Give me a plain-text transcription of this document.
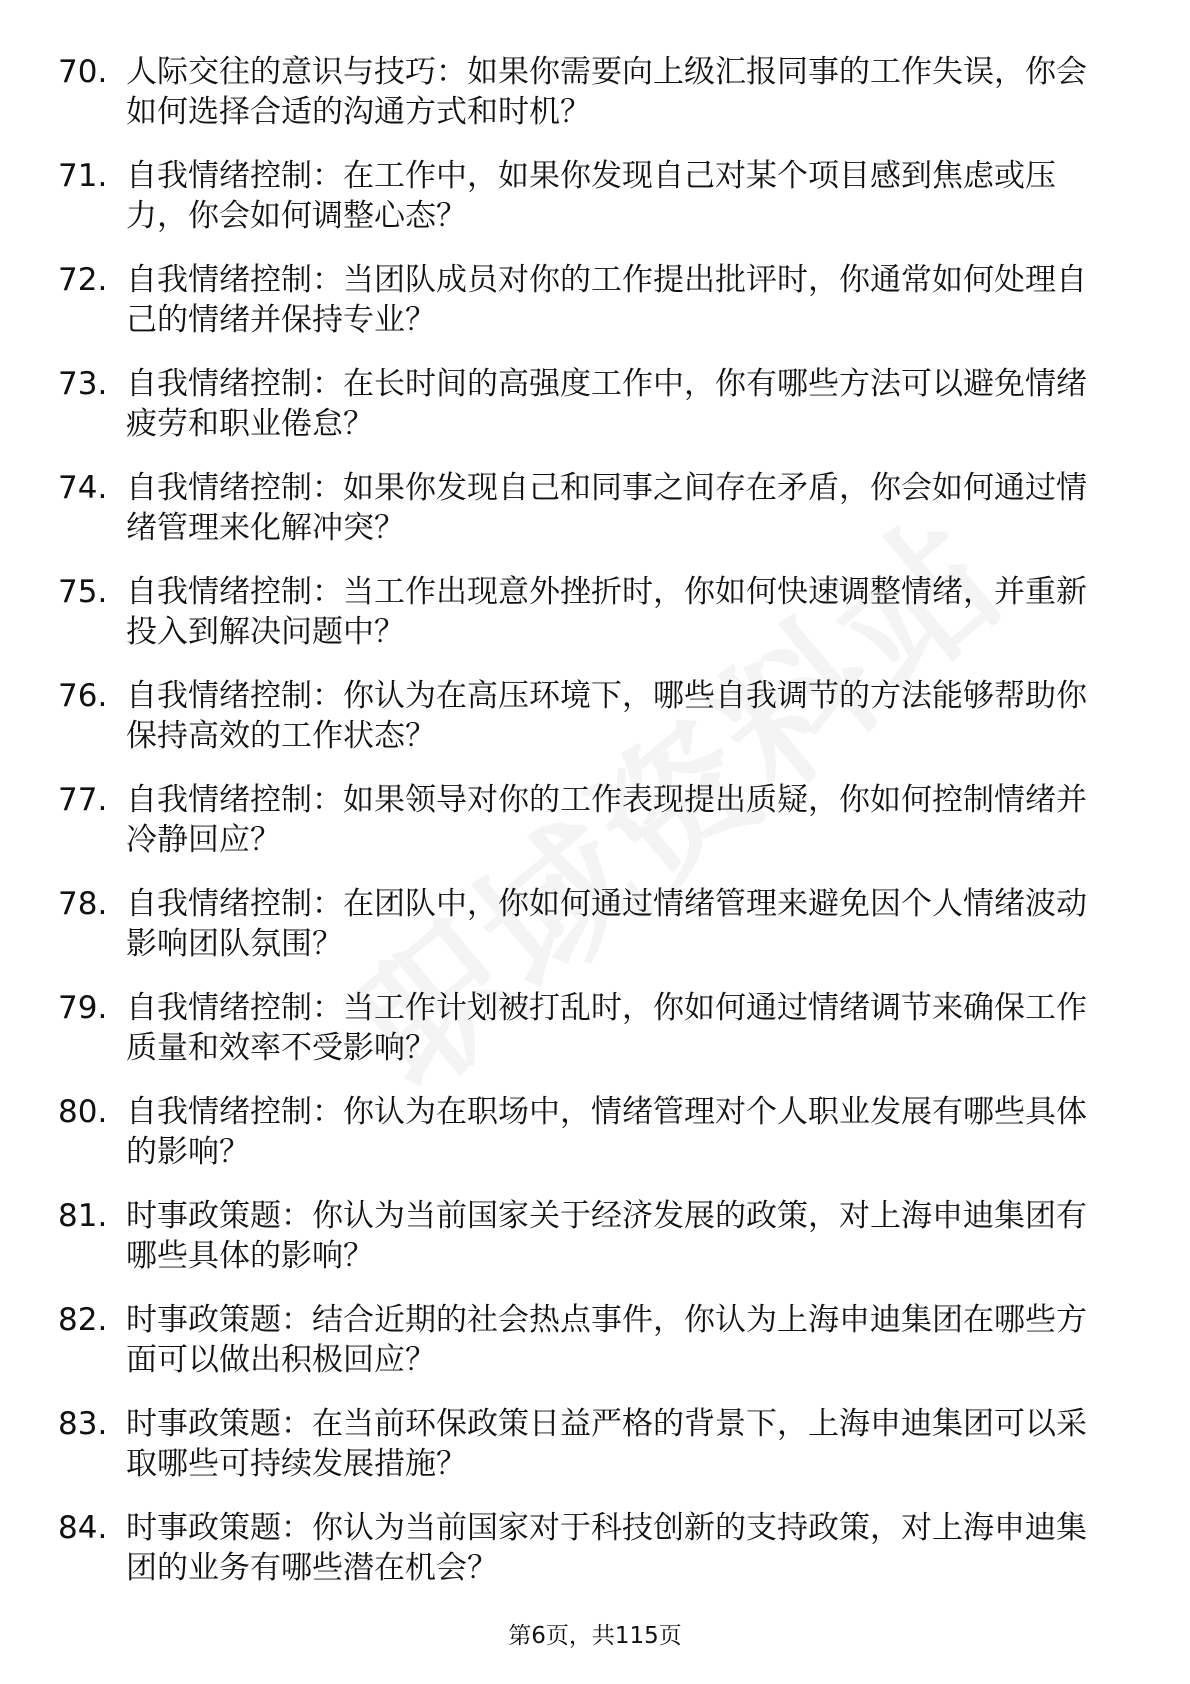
70. 人际交往的意识与技巧：如果你需要向上级汇报同事的工作失误，你会如何选择合适的沟通方式和时机？
71. 自我情绪控制：在工作中，如果你发现自己对某个项目感到焦虑或压力，你会如何调整心态？
72. 自我情绪控制：当团队成员对你的工作提出批评时，你通常如何处理自己的情绪并保持专业？
73. 自我情绪控制：在长时间的高强度工作中，你有哪些方法可以避免情绪疲劳和职业倦怠？
74. 自我情绪控制：如果你发现自己和同事之间存在矛盾，你会如何通过情绪管理来化解冲突？
75. 自我情绪控制：当工作出现意外挫折时，你如何快速调整情绪，并重新投入到解决问题中？
76. 自我情绪控制：你认为在高压环境下，哪些自我调节的方法能够帮助你保持高效的工作状态？
77. 自我情绪控制：如果领导对你的工作表现提出质疑，你如何控制情绪并冷静回应？
78. 自我情绪控制：在团队中，你如何通过情绪管理来避免因个人情绪波动影响团队氛围？
79. 自我情绪控制：当工作计划被打乱时，你如何通过情绪调节来确保工作质量和效率不受影响？
80. 自我情绪控制：你认为在职场中，情绪管理对个人职业发展有哪些具体的影响？
81. 时事政策题：你认为当前国家关于经济发展的政策，对上海申迪集团有哪些具体的影响？
82. 时事政策题：结合近期的社会热点事件，你认为上海申迪集团在哪些方面可以做出积极回应？
83. 时事政策题：在当前环保政策日益严格的背景下，上海申迪集团可以采取哪些可持续发展措施？
84. 时事政策题：你认为当前国家对于科技创新的支持政策，对上海申迪集团的业务有哪些潜在机会？
第6页，共115页
